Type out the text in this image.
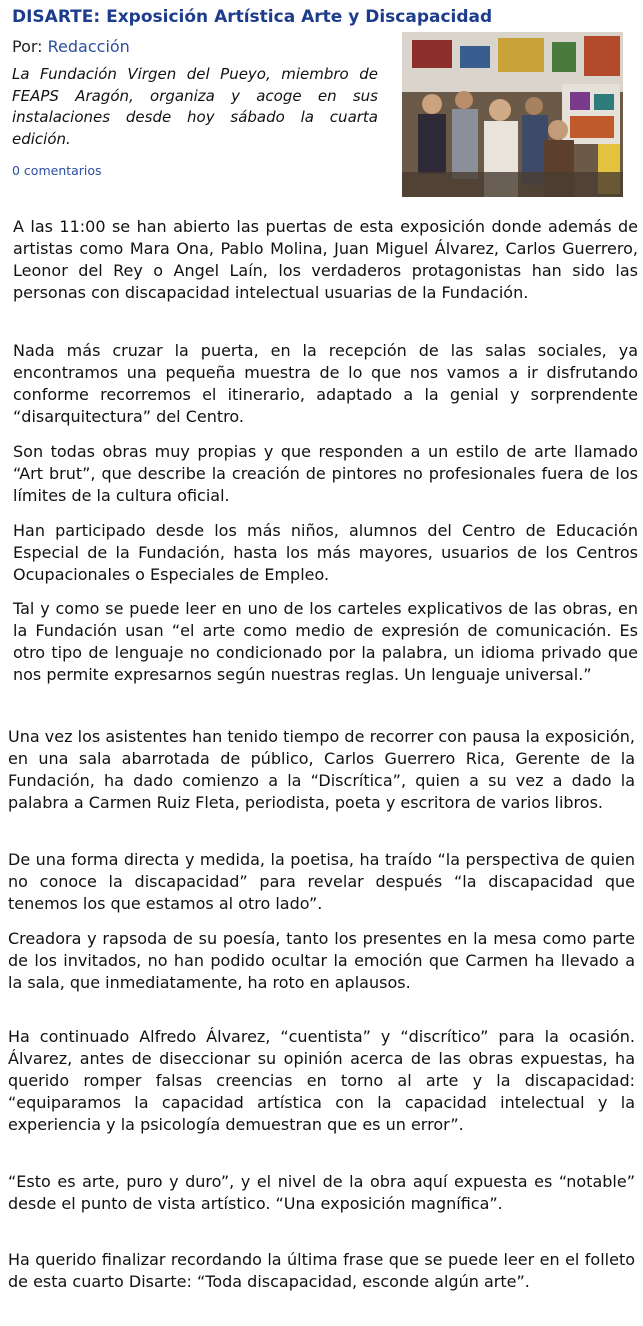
DISARTE: Exposición Artística Arte y Discapacidad
Por: Redacción

La Fundación Virgen del Pueyo, miembro de FEAPS Aragón, organiza y acoge en sus instalaciones desde hoy sábado la cuarta edición.

0 comentarios

A las 11:00 se han abierto las puertas de esta exposición donde además de artistas como Mara Ona, Pablo Molina, Juan Miguel Álvarez, Carlos Guerrero, Leonor del Rey o Angel Laín, los verdaderos protagonistas han sido las personas con discapacidad intelectual usuarias de la Fundación.

Nada más cruzar la puerta, en la recepción de las salas sociales, ya encontramos una pequeña muestra de lo que nos vamos a ir disfrutando conforme recorremos el itinerario, adaptado a la genial y sorprendente “disarquitectura” del Centro.

Son todas obras muy propias y que responden a un estilo de arte llamado “Art brut”, que describe la creación de pintores no profesionales fuera de los límites de la cultura oficial.

Han participado desde los más niños, alumnos del Centro de Educación Especial de la Fundación, hasta los más mayores, usuarios de los Centros Ocupacionales o Especiales de Empleo.

Tal y como se puede leer en uno de los carteles explicativos de las obras, en la Fundación usan “el arte como medio de expresión de comunicación. Es otro tipo de lenguaje no condicionado por la palabra, un idioma privado que nos permite expresarnos según nuestras reglas. Un lenguaje universal.”

Una vez los asistentes han tenido tiempo de recorrer con pausa la exposición, en una sala abarrotada de público, Carlos Guerrero Rica, Gerente de la Fundación, ha dado comienzo a la “Discrítica”, quien a su vez a dado la palabra a Carmen Ruiz Fleta, periodista, poeta y escritora de varios libros.

De una forma directa y medida, la poetisa, ha traído “la perspectiva de quien no conoce la discapacidad” para revelar después “la discapacidad que tenemos los que estamos al otro lado”.

Creadora y rapsoda de su poesía, tanto los presentes en la mesa como parte de los invitados, no han podido ocultar la emoción que Carmen ha llevado a la sala, que inmediatamente, ha roto en aplausos.

Ha continuado Alfredo Álvarez, “cuentista” y “discrítico” para la ocasión. Álvarez, antes de diseccionar su opinión acerca de las obras expuestas, ha querido romper falsas creencias en torno al arte y la discapacidad: “equiparamos la capacidad artística con la capacidad intelectual y la experiencia y la psicología demuestran que es un error”.

“Esto es arte, puro y duro”, y el nivel de la obra aquí expuesta es “notable” desde el punto de vista artístico. “Una exposición magnífica”.

Ha querido finalizar recordando la última frase que se puede leer en el folleto de esta cuarto Disarte: “Toda discapacidad, esconde algún arte”.
